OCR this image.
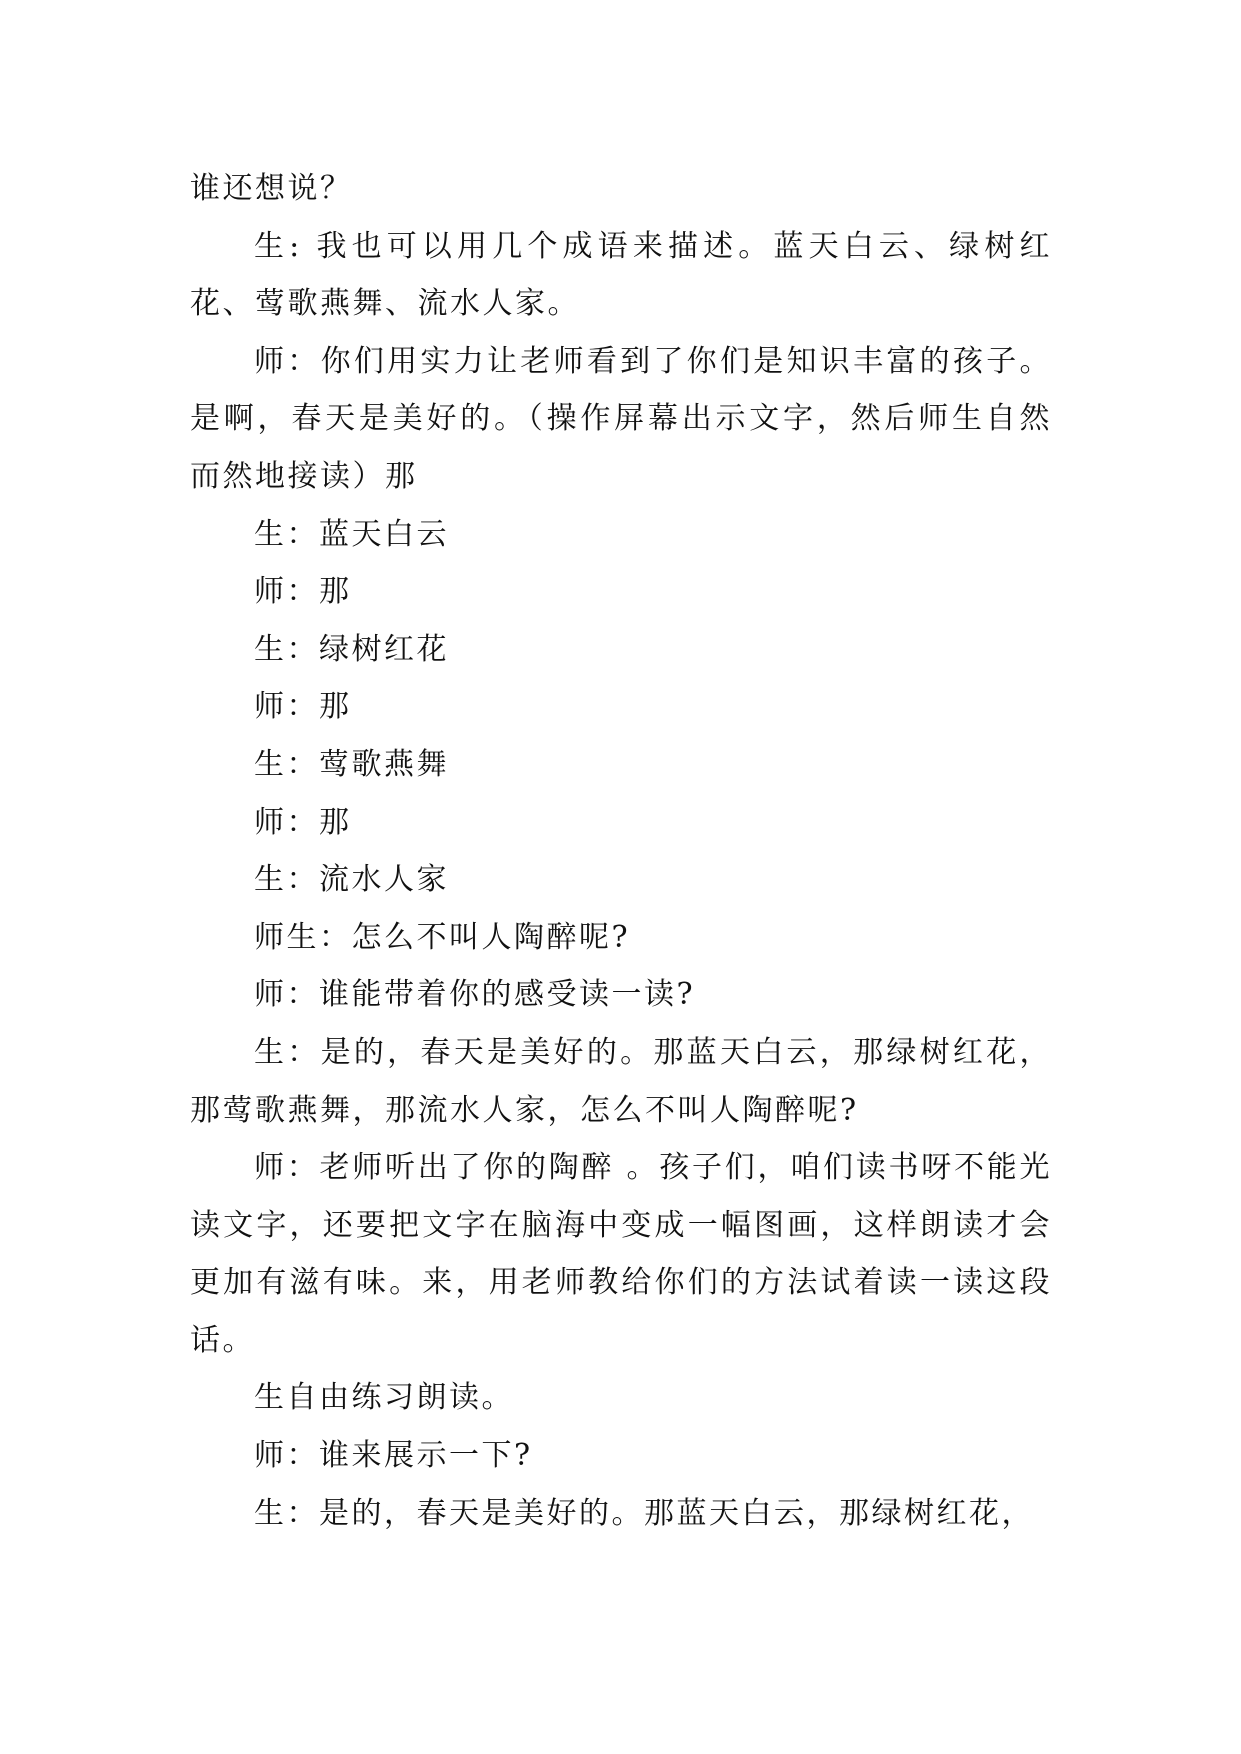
谁还想说？

生: 我也可以用几个成语来描述。蓝天白云、绿树红花、莺歌燕舞、流水人家。

师：你们用实力让老师看到了你们是知识丰富的孩子。是啊，春天是美好的。（操作屏幕出示文字，然后师生自然而然地接读）那

生：蓝天白云

师：那

生：绿树红花

师：那

生：莺歌燕舞

师：那

生：流水人家

师生：怎么不叫人陶醉呢?

师：谁能带着你的感受读一读?

生：是的，春天是美好的。那蓝天白云，那绿树红花，那莺歌燕舞，那流水人家，怎么不叫人陶醉呢?

师：老师听出了你的陶醉 。孩子们，咱们读书呀不能光读文字，还要把文字在脑海中变成一幅图画，这样朗读才会更加有滋有味。来，用老师教给你们的方法试着读一读这段话。

生自由练习朗读。

师：谁来展示一下?

生：是的，春天是美好的。那蓝天白云，那绿树红花，
